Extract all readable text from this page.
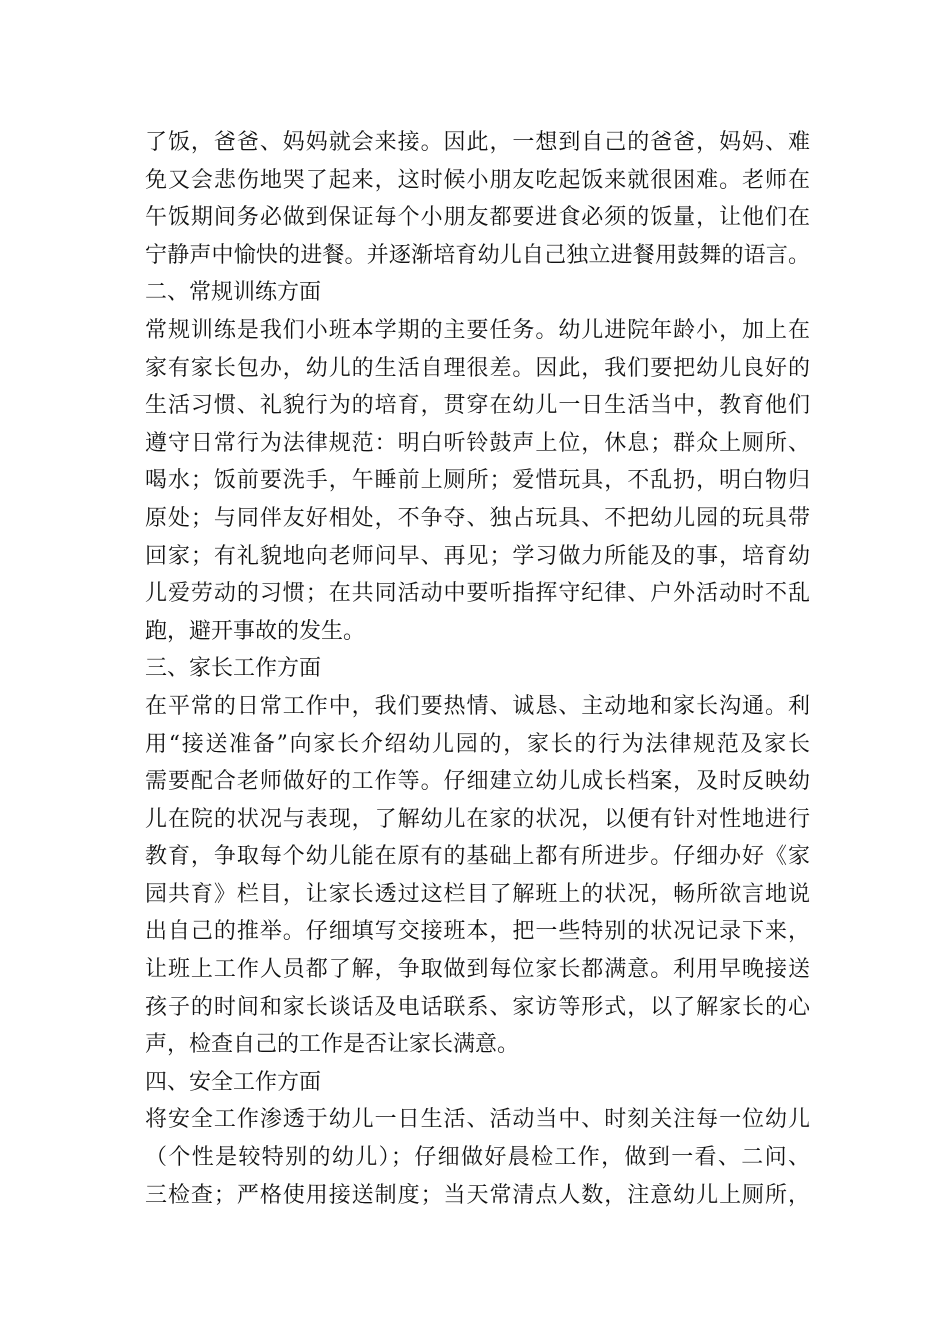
了饭，爸爸、妈妈就会来接。因此，一想到自己的爸爸，妈妈、难
免又会悲伤地哭了起来，这时候小朋友吃起饭来就很困难。老师在
午饭期间务必做到保证每个小朋友都要进食必须的饭量，让他们在
宁静声中愉快的进餐。并逐渐培育幼儿自己独立进餐用鼓舞的语言。
二、常规训练方面
常规训练是我们小班本学期的主要任务。幼儿进院年龄小，加上在
家有家长包办，幼儿的生活自理很差。因此，我们要把幼儿良好的
生活习惯、礼貌行为的培育，贯穿在幼儿一日生活当中，教育他们
遵守日常行为法律规范：明白听铃鼓声上位，休息；群众上厕所、
喝水；饭前要洗手，午睡前上厕所；爱惜玩具，不乱扔，明白物归
原处；与同伴友好相处，不争夺、独占玩具、不把幼儿园的玩具带
回家；有礼貌地向老师问早、再见；学习做力所能及的事，培育幼
儿爱劳动的习惯；在共同活动中要听指挥守纪律、户外活动时不乱
跑，避开事故的发生。
三、家长工作方面
在平常的日常工作中，我们要热情、诚恳、主动地和家长沟通。利
用“接送准备”向家长介绍幼儿园的，家长的行为法律规范及家长
需要配合老师做好的工作等。仔细建立幼儿成长档案，及时反映幼
儿在院的状况与表现，了解幼儿在家的状况，以便有针对性地进行
教育，争取每个幼儿能在原有的基础上都有所进步。仔细办好《家
园共育》栏目，让家长透过这栏目了解班上的状况，畅所欲言地说
出自己的推举。仔细填写交接班本，把一些特别的状况记录下来，
让班上工作人员都了解，争取做到每位家长都满意。利用早晚接送
孩子的时间和家长谈话及电话联系、家访等形式，以了解家长的心
声，检查自己的工作是否让家长满意。
四、安全工作方面
将安全工作渗透于幼儿一日生活、活动当中、时刻关注每一位幼儿
（个性是较特别的幼儿）；仔细做好晨检工作，做到一看、二问、
三检查；严格使用接送制度；当天常清点人数，注意幼儿上厕所，
